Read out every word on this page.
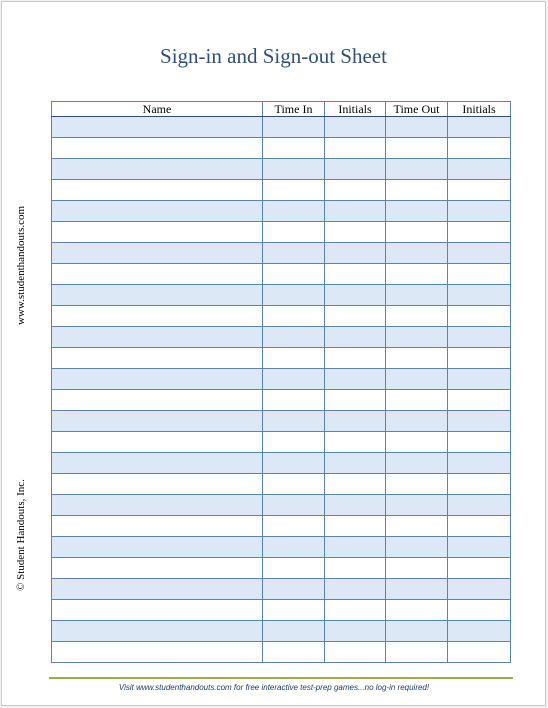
Sign-in and Sign-out Sheet
www.studenthandouts.com
© Student Handouts, Inc.
Name	Time In	Initials	Time Out	Initials

Visit www.studenthandouts.com for free interactive test-prep games...no log-in required!
